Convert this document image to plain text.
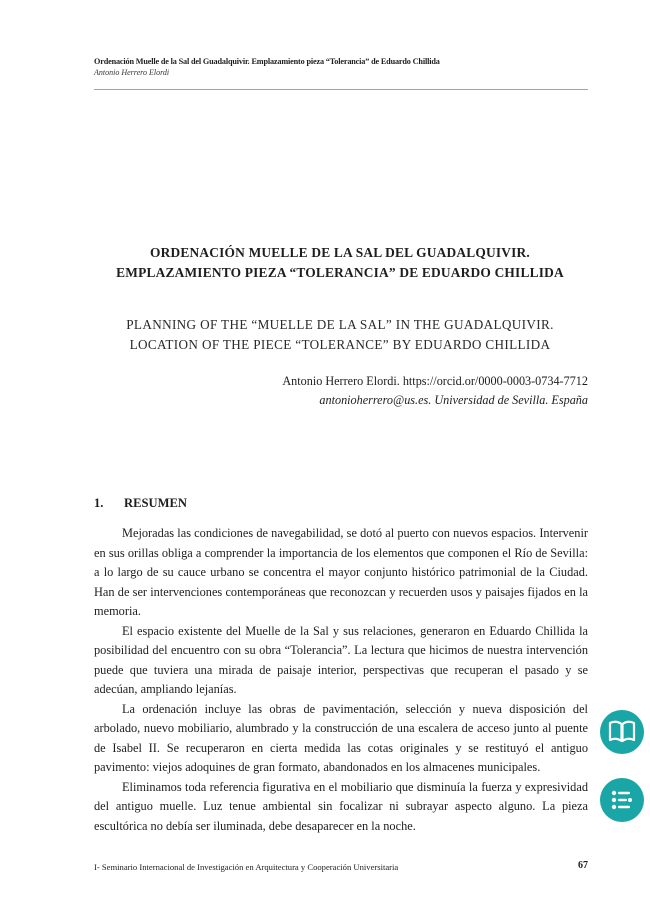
Ordenación Muelle de la Sal del Guadalquivir. Emplazamiento pieza “Tolerancia” de Eduardo Chillida
Antonio Herrero Elordi
ORDENACIÓN MUELLE DE LA SAL DEL GUADALQUIVIR.
EMPLAZAMIENTO PIEZA “TOLERANCIA” DE EDUARDO CHILLIDA
PLANNING OF THE “MUELLE DE LA SAL” IN THE GUADALQUIVIR.
LOCATION OF THE PIECE “TOLERANCE” BY EDUARDO CHILLIDA
Antonio Herrero Elordi. https://orcid.or/0000-0003-0734-7712
antonioherrero@us.es. Universidad de Sevilla. España
1. RESUMEN

Mejoradas las condiciones de navegabilidad, se dotó al puerto con nuevos espacios. Intervenir en sus orillas obliga a comprender la importancia de los elementos que componen el Río de Sevilla: a lo largo de su cauce urbano se concentra el mayor conjunto histórico patrimonial de la Ciudad. Han de ser intervenciones contemporáneas que reconozcan y recuerden usos y paisajes fijados en la memoria.

El espacio existente del Muelle de la Sal y sus relaciones, generaron en Eduardo Chillida la posibilidad del encuentro con su obra “Tolerancia”. La lectura que hicimos de nuestra intervención puede que tuviera una mirada de paisaje interior, perspectivas que recuperan el pasado y se adecúan, ampliando lejanías.

La ordenación incluye las obras de pavimentación, selección y nueva disposición del arbolado, nuevo mobiliario, alumbrado y la construcción de una escalera de acceso junto al puente de Isabel II. Se recuperaron en cierta medida las cotas originales y se restituyó el antiguo pavimento: viejos adoquines de gran formato, abandonados en los almacenes municipales.

Eliminamos toda referencia figurativa en el mobiliario que disminuía la fuerza y expresividad del antiguo muelle. Luz tenue ambiental sin focalizar ni subrayar aspecto alguno. La pieza escultórica no debía ser iluminada, debe desaparecer en la noche.

I- Seminario Internacional de Investigación en Arquitectura y Cooperación Universitaria	67
